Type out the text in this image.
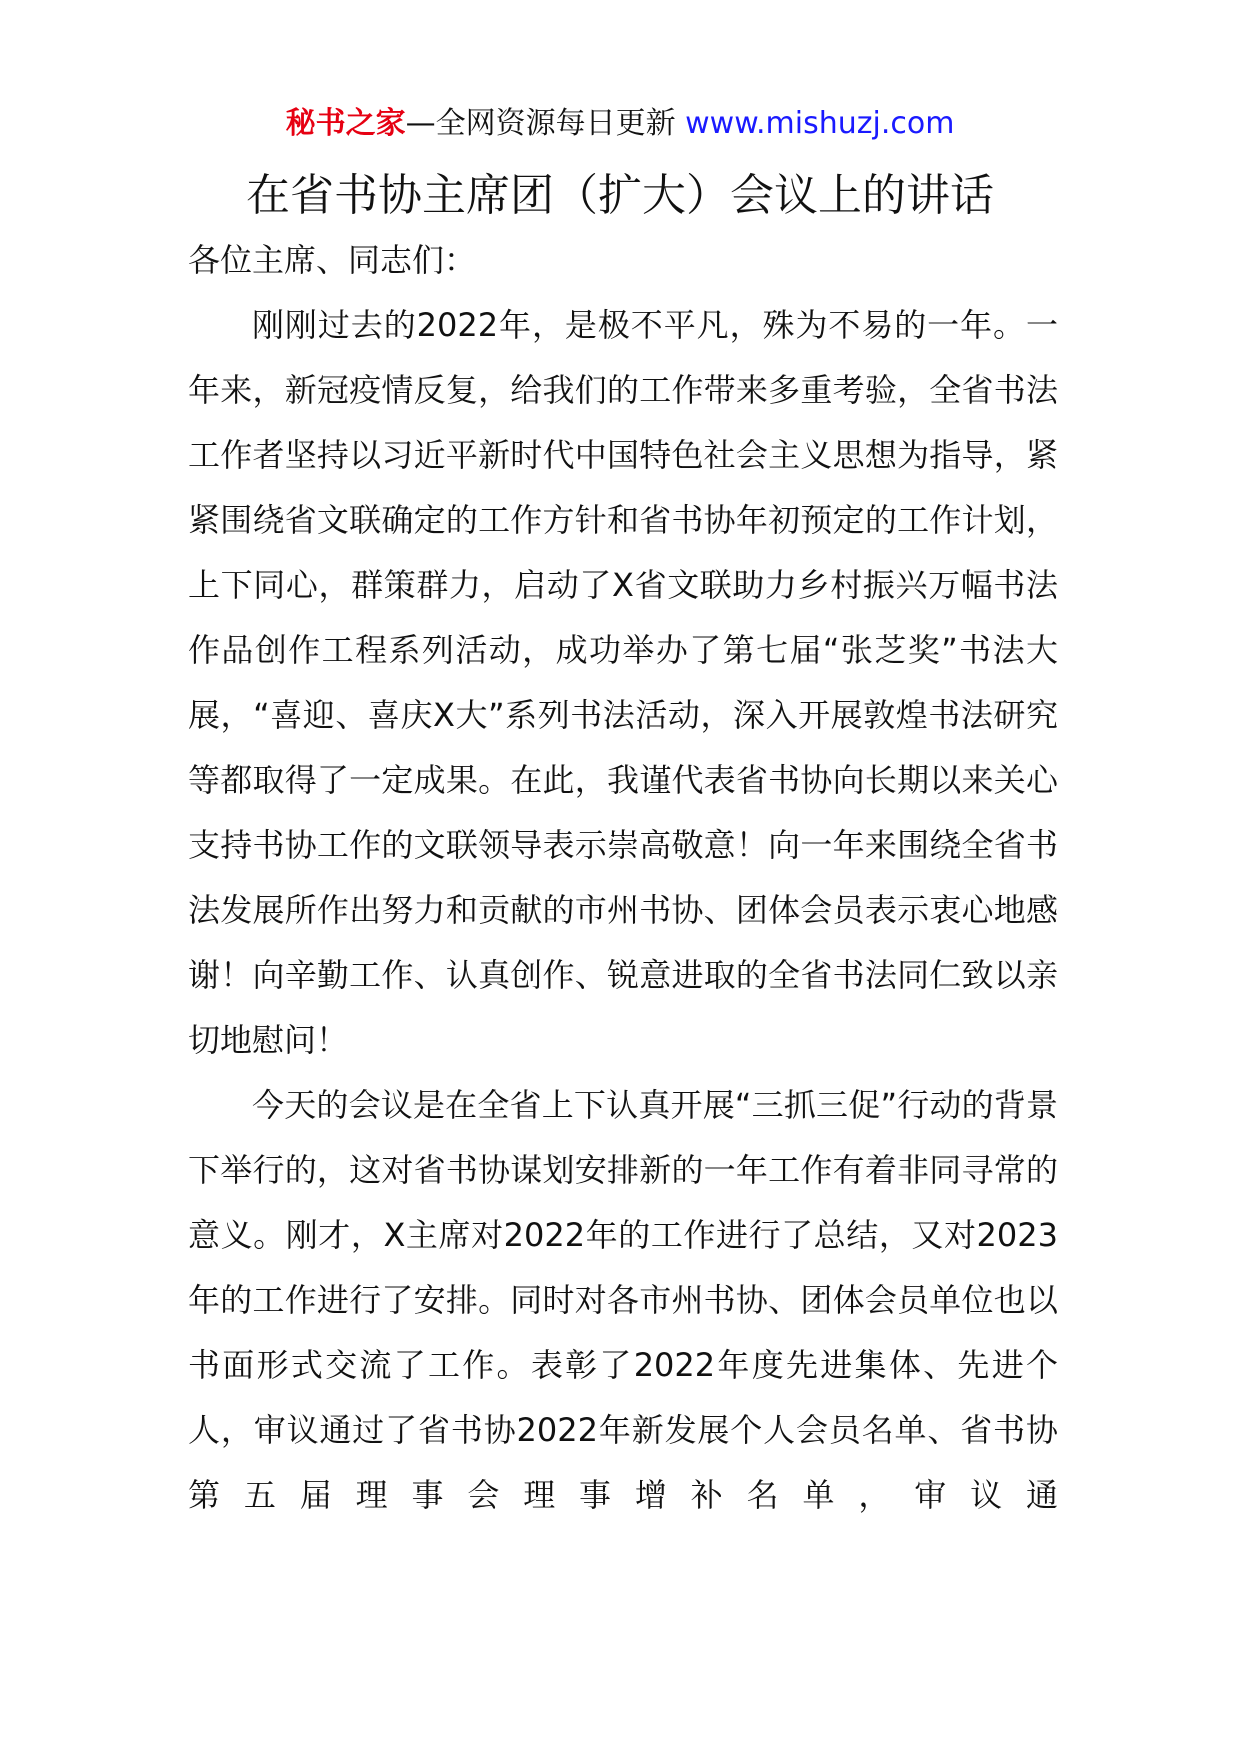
秘书之家—全网资源每日更新 www.mishuzj.com
在省书协主席团（扩大）会议上的讲话

各位主席、同志们：

刚刚过去的2022年，是极不平凡，殊为不易的一年。一年来，新冠疫情反复，给我们的工作带来多重考验，全省书法工作者坚持以习近平新时代中国特色社会主义思想为指导，紧紧围绕省文联确定的工作方针和省书协年初预定的工作计划，上下同心，群策群力，启动了X省文联助力乡村振兴万幅书法作品创作工程系列活动，成功举办了第七届“张芝奖”书法大展，“喜迎、喜庆X大”系列书法活动，深入开展敦煌书法研究等都取得了一定成果。在此，我谨代表省书协向长期以来关心支持书协工作的文联领导表示崇高敬意！向一年来围绕全省书法发展所作出努力和贡献的市州书协、团体会员表示衷心地感谢！向辛勤工作、认真创作、锐意进取的全省书法同仁致以亲切地慰问！

今天的会议是在全省上下认真开展“三抓三促”行动的背景下举行的，这对省书协谋划安排新的一年工作有着非同寻常的意义。刚才，X主席对2022年的工作进行了总结，又对2023年的工作进行了安排。同时对各市州书协、团体会员单位也以书面形式交流了工作。表彰了2022年度先进集体、先进个人，审议通过了省书协2022年新发展个人会员名单、省书协第五届理事会理事增补名单，审议通
